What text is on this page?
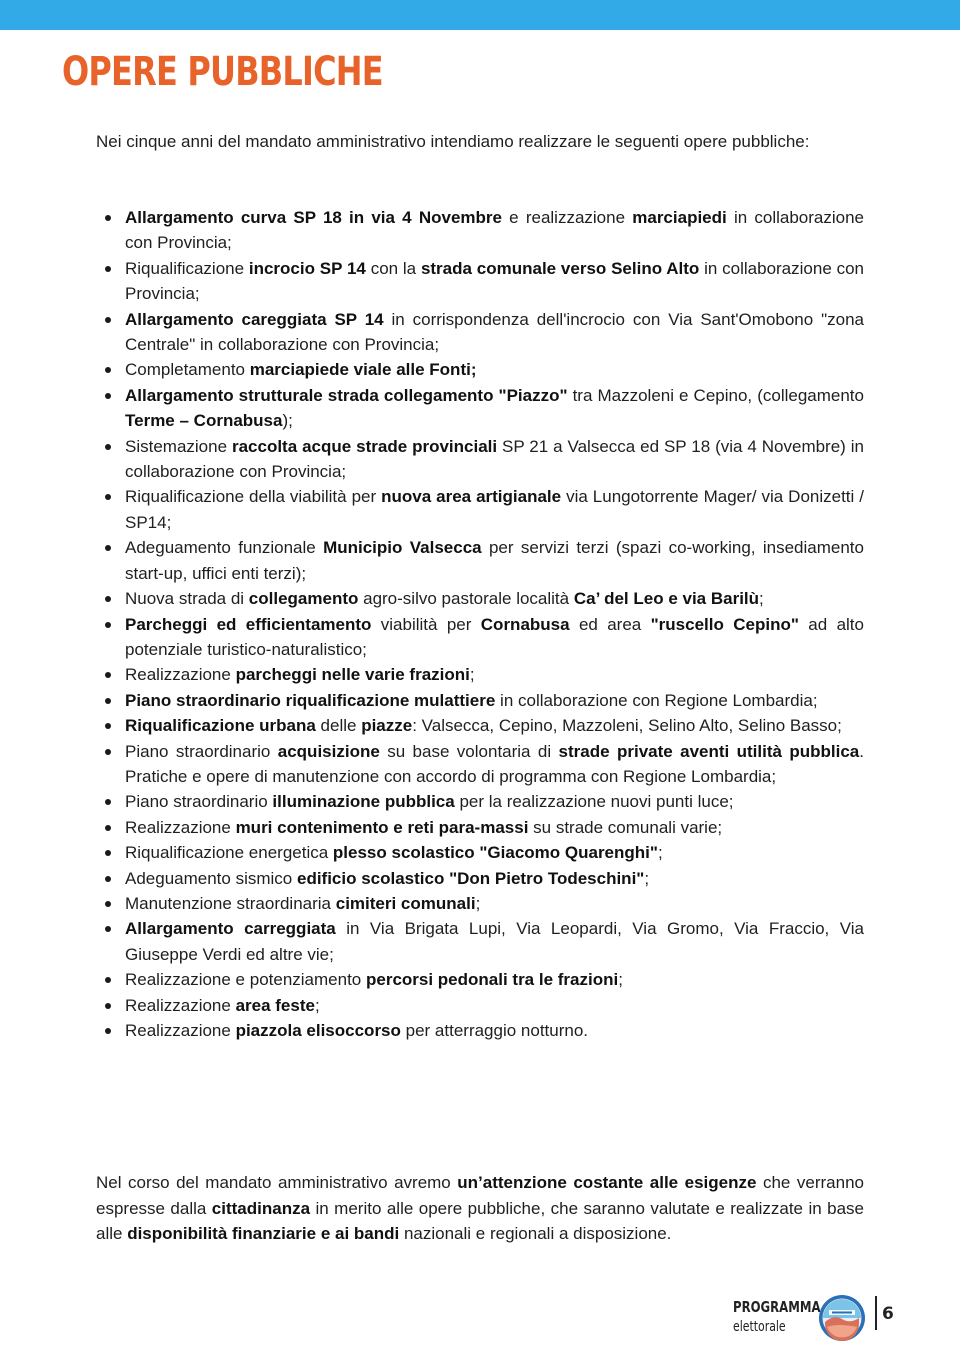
OPERE PUBBLICHE

Nei cinque anni del mandato amministrativo intendiamo realizzare le seguenti opere pubbliche:

Allargamento curva SP 18 in via 4 Novembre e realizzazione marciapiedi in collaborazione con Provincia;
Riqualificazione incrocio SP 14 con la strada comunale verso Selino Alto in collaborazione con Provincia;
Allargamento careggiata SP 14 in corrispondenza dell'incrocio con Via Sant'Omobono "zona Centrale" in collaborazione con Provincia;
Completamento marciapiede viale alle Fonti;
Allargamento strutturale strada collegamento "Piazzo" tra Mazzoleni e Cepino, (collegamento Terme – Cornabusa);
Sistemazione raccolta acque strade provinciali SP 21 a Valsecca ed SP 18 (via 4 Novembre) in collaborazione con Provincia;
Riqualificazione della viabilità per nuova area artigianale via Lungotorrente Mager/ via Donizetti / SP14;
Adeguamento funzionale Municipio Valsecca per servizi terzi (spazi co-working, insediamento start-up, uffici enti terzi);
Nuova strada di collegamento agro-silvo pastorale località Ca’ del Leo e via Barilù;
Parcheggi ed efficientamento viabilità per Cornabusa ed area "ruscello Cepino" ad alto potenziale turistico-naturalistico;
Realizzazione parcheggi nelle varie frazioni;
Piano straordinario riqualificazione mulattiere in collaborazione con Regione Lombardia;
Riqualificazione urbana delle piazze: Valsecca, Cepino, Mazzoleni, Selino Alto, Selino Basso;
Piano straordinario acquisizione su base volontaria di strade private aventi utilità pubblica. Pratiche e opere di manutenzione con accordo di programma con Regione Lombardia;
Piano straordinario illuminazione pubblica per la realizzazione nuovi punti luce;
Realizzazione muri contenimento e reti para-massi su strade comunali varie;
Riqualificazione energetica plesso scolastico "Giacomo Quarenghi";
Adeguamento sismico edificio scolastico "Don Pietro Todeschini";
Manutenzione straordinaria cimiteri comunali;
Allargamento carreggiata in Via Brigata Lupi, Via Leopardi, Via Gromo, Via Fraccio, Via Giuseppe Verdi ed altre vie;
Realizzazione e potenziamento percorsi pedonali tra le frazioni;
Realizzazione area feste;
Realizzazione piazzola elisoccorso per atterraggio notturno.

Nel corso del mandato amministrativo avremo un’attenzione costante alle esigenze che verranno espresse dalla cittadinanza in merito alle opere pubbliche, che saranno valutate e realizzate in base alle disponibilità finanziarie e ai bandi nazionali e regionali a disposizione.

PROGRAMMA
elettorale
6
